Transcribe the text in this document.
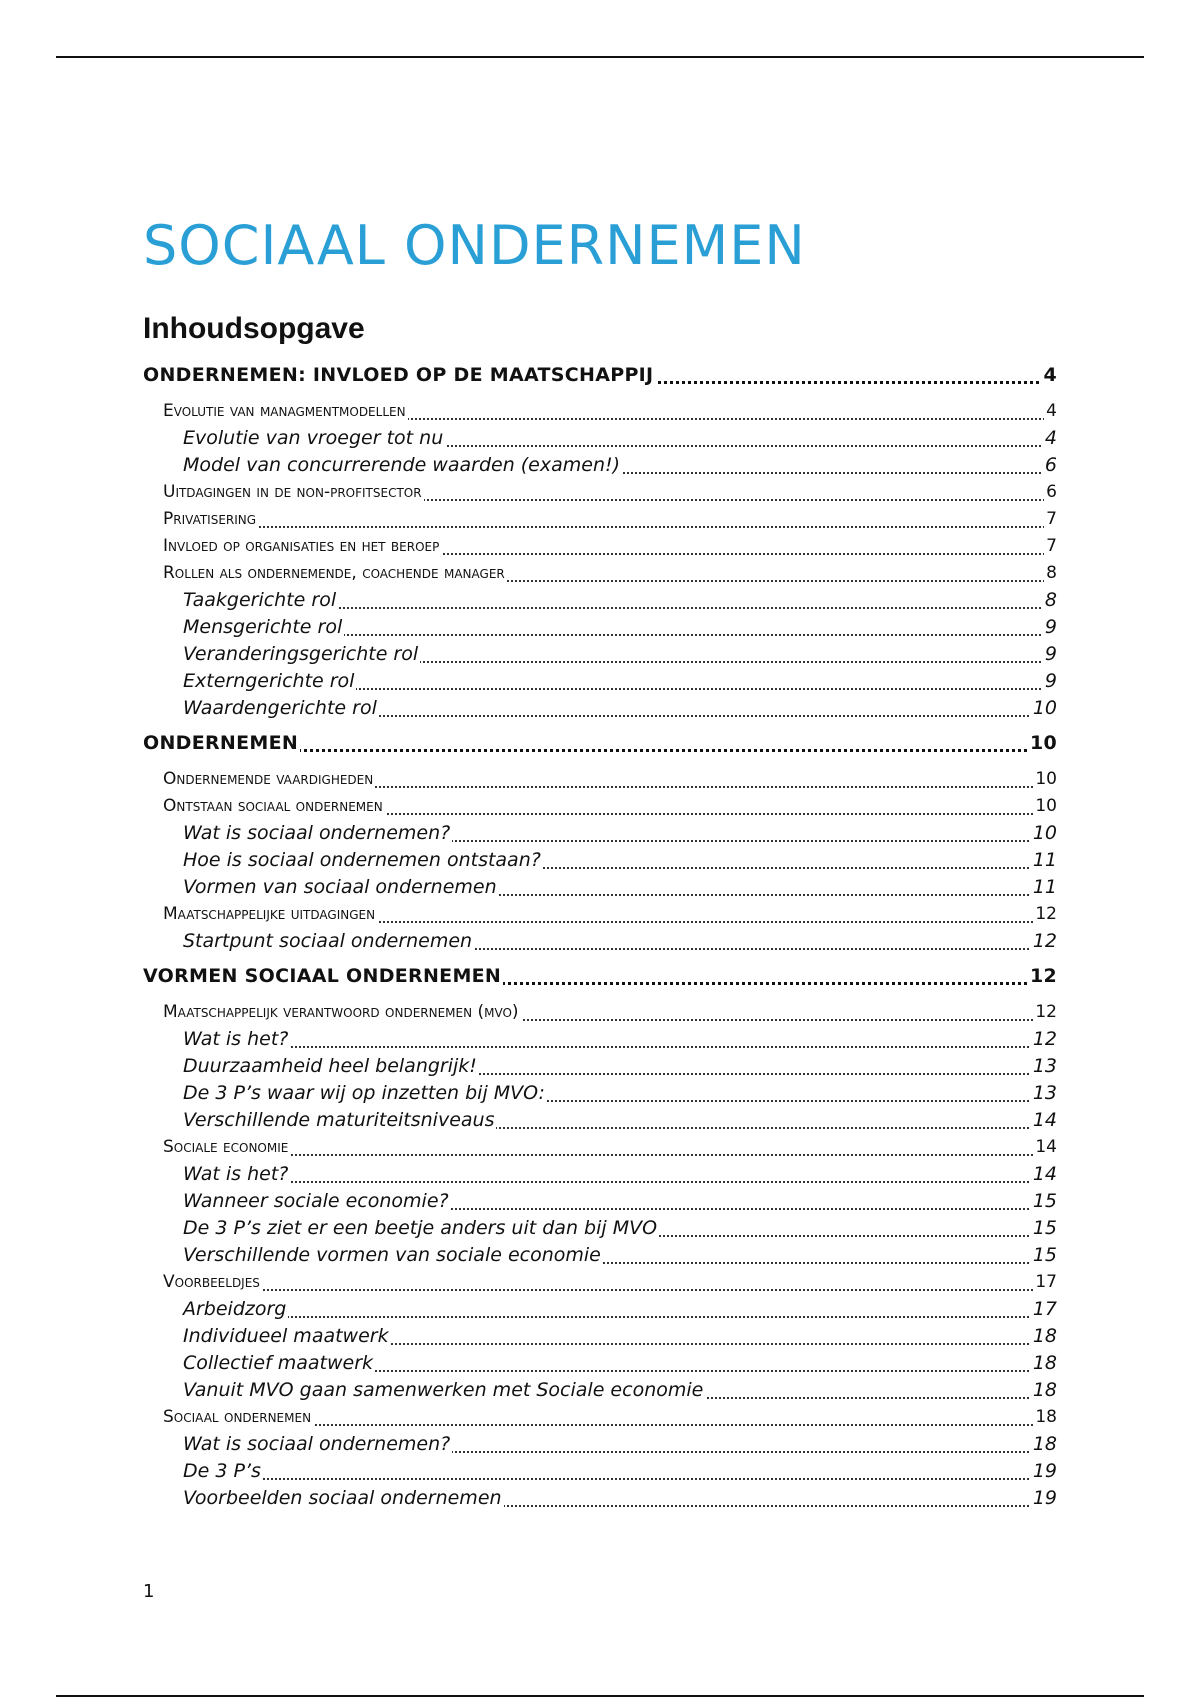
SOCIAAL ONDERNEMEN
Inhoudsopgave
ONDERNEMEN: INVLOED OP DE MAATSCHAPPIJ	4
Evolutie van managmentmodellen	4
Evolutie van vroeger tot nu	4
Model van concurrerende waarden (examen!)	6
Uitdagingen in de non-profitsector	6
Privatisering	7
Invloed op organisaties en het beroep	7
Rollen als ondernemende, coachende manager	8
Taakgerichte rol	8
Mensgerichte rol	9
Veranderingsgerichte rol	9
Externgerichte rol	9
Waardengerichte rol	10
ONDERNEMEN	10
Ondernemende vaardigheden	10
Ontstaan sociaal ondernemen	10
Wat is sociaal ondernemen?	10
Hoe is sociaal ondernemen ontstaan?	11
Vormen van sociaal ondernemen	11
Maatschappelijke uitdagingen	12
Startpunt sociaal ondernemen	12
VORMEN SOCIAAL ONDERNEMEN	12
Maatschappelijk verantwoord ondernemen (mvo)	12
Wat is het?	12
Duurzaamheid heel belangrijk!	13
De 3 P’s waar wij op inzetten bij MVO:	13
Verschillende maturiteitsniveaus	14
Sociale economie	14
Wat is het?	14
Wanneer sociale economie?	15
De 3 P’s ziet er een beetje anders uit dan bij MVO	15
Verschillende vormen van sociale economie	15
Voorbeeldjes	17
Arbeidzorg	17
Individueel maatwerk	18
Collectief maatwerk	18
Vanuit MVO gaan samenwerken met Sociale economie	18
Sociaal ondernemen	18
Wat is sociaal ondernemen?	18
De 3 P’s	19
Voorbeelden sociaal ondernemen	19
1
